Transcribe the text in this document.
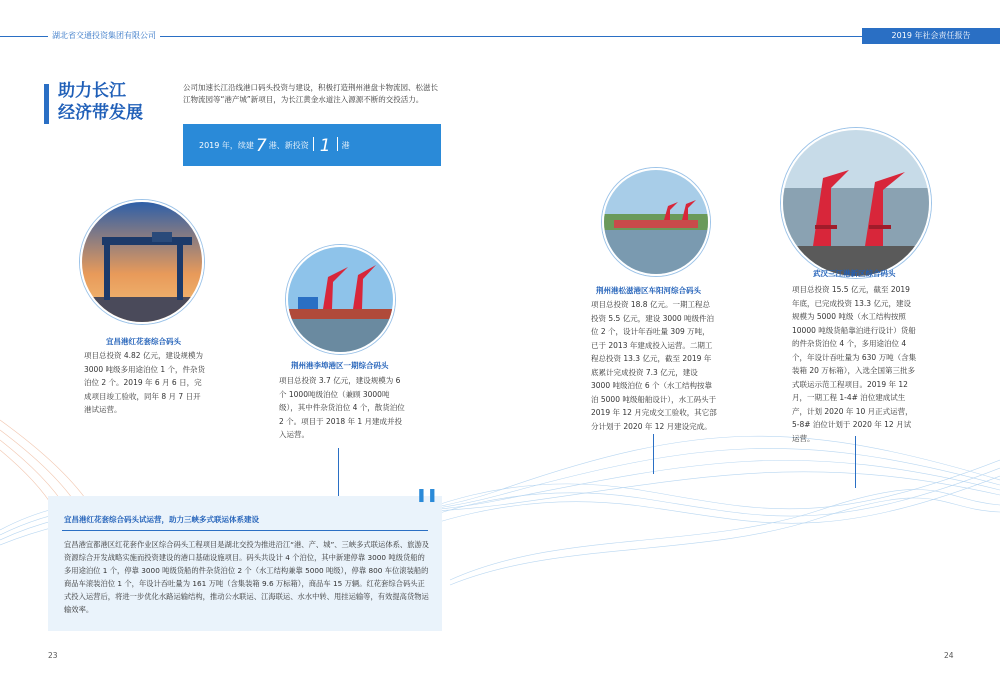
湖北省交通投资集团有限公司	2019 年社会责任报告
助力长江
经济带发展
公司加速长江沿线港口码头投资与建设，积极打造荆州港盘卡物流园、松滋长江物流园等“港产城”新项目，为长江黄金水道注入源源不断的交投活力。
2019 年，续建 7 港、新投资 1 港
宜昌港红花套综合码头
项目总投资 4.82 亿元，建设规模为 3000 吨级多用途泊位 1 个，件杂货泊位 2 个。2019 年 6 月 6 日，完成项目竣工验收，同年 8 月 7 日开港试运营。
荆州港李埠港区一期综合码头
项目总投资 3.7 亿元，建设规模为 6 个 1000吨级泊位（兼顾 3000吨级），其中件杂货泊位 4 个，散货泊位 2 个。项目于 2018 年 1 月建成并投入运营。
荆州港松滋港区车阳河综合码头
项目总投资 18.8 亿元。一期工程总投资 5.5 亿元，建设 3000 吨级件泊位 2 个，设计年吞吐量 309 万吨，已于 2013 年建成投入运营。二期工程总投资 13.3 亿元，截至 2019 年底累计完成投资 7.3 亿元，建设 3000 吨级泊位 6 个（水工结构按靠泊 5000 吨级船舶设计），水工码头于 2019 年 12 月完成交工验收，其它部分计划于 2020 年 12 月建设完成。
武汉三江港新区综合码头
项目总投资 15.5 亿元，截至 2019 年底，已完成投资 13.3 亿元，建设规模为 5000 吨级（水工结构按照 10000 吨级货船靠泊进行设计）货船的件杂货泊位 4 个，多用途泊位 4 个，年设计吞吐量为 630 万吨（含集装箱 20 万标箱），入选全国第三批多式联运示范工程项目。2019 年 12 月，一期工程 1-4# 泊位建成试生产，计划 2020 年 10 月正式运营，5-8# 泊位计划于 2020 年 12 月试运营。
❚❚
宜昌港红花套综合码头试运营，助力三峡多式联运体系建设
宜昌港宜都港区红花套作业区综合码头工程项目是湖北交投为推进沿江“港、产、城”、三峡多式联运体系、旅游及资源综合开发战略实施而投资建设的港口基础设施项目。码头共设计 4 个泊位，其中新建停靠 3000 吨级货船的多用途泊位 1 个，停靠 3000 吨级货船的件杂货泊位 2 个（水工结构兼靠 5000 吨级），停靠 800 车位滚装船的商品车滚装泊位 1 个，年设计吞吐量为 161 万吨（含集装箱 9.6 万标箱），商品车 15 万辆。红花套综合码头正式投入运营后，将进一步优化水路运输结构，推动公水联运、江海联运、水水中转、甩挂运输等，有效提高货物运输效率。
23	24
